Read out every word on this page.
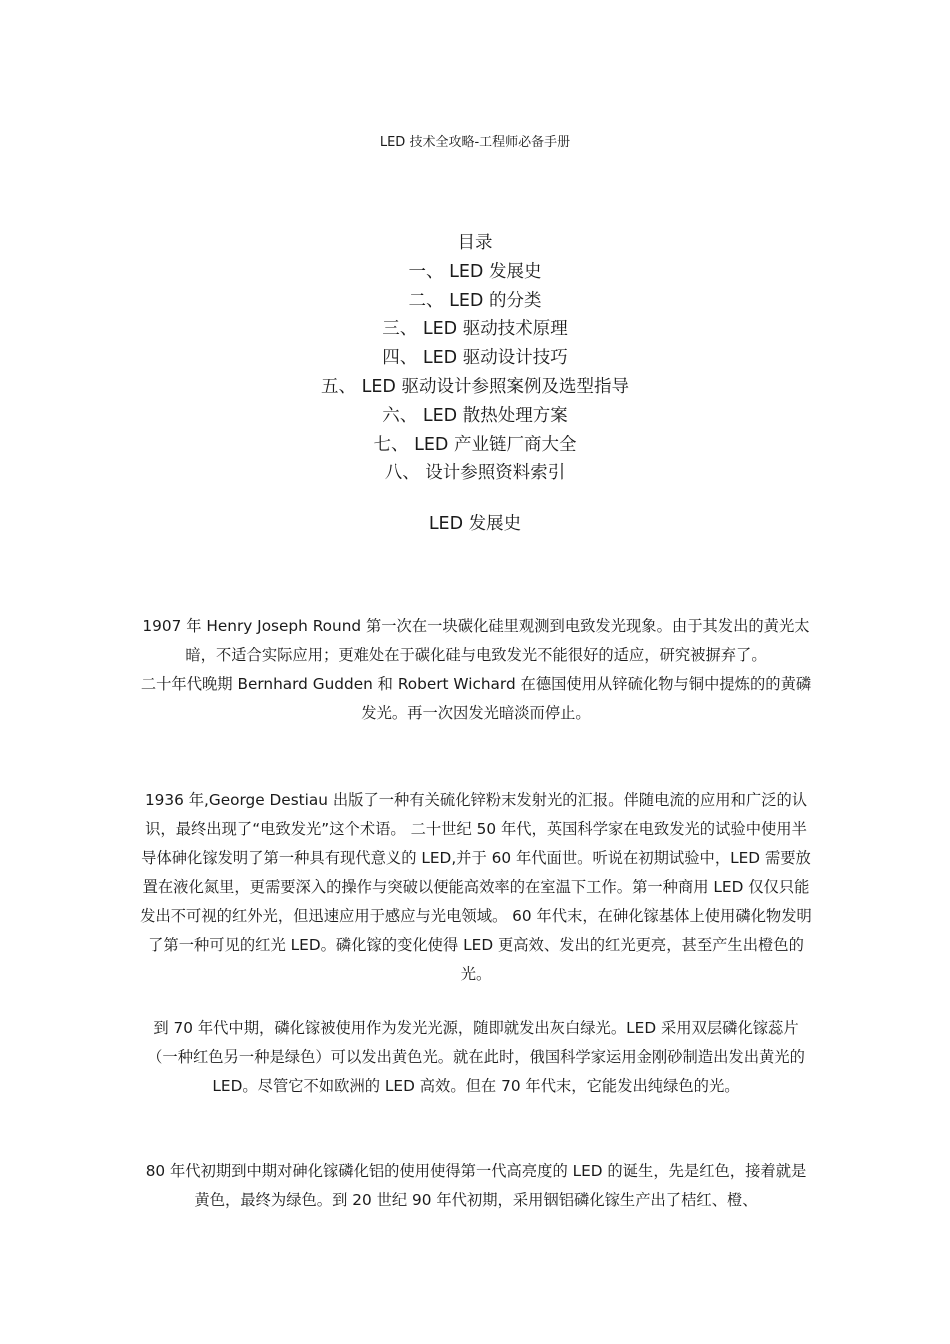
LED 技术全攻略-工程师必备手册
目录
一、 LED 发展史
二、 LED 的分类
三、 LED 驱动技术原理
四、 LED 驱动设计技巧
五、 LED 驱动设计参照案例及选型指导
六、 LED 散热处理方案
七、 LED 产业链厂商大全
八、 设计参照资料索引
LED 发展史

1907 年 Henry Joseph Round 第一次在一块碳化硅里观测到电致发光现象。由于其发出的黄光太暗，不适合实际应用；更难处在于碳化硅与电致发光不能很好的适应，研究被摒弃了。

二十年代晚期 Bernhard Gudden 和 Robert Wichard 在德国使用从锌硫化物与铜中提炼的的黄磷发光。再一次因发光暗淡而停止。

1936 年,George Destiau 出版了一种有关硫化锌粉末发射光的汇报。伴随电流的应用和广泛的认识，最终出现了“电致发光”这个术语。 二十世纪 50 年代，英国科学家在电致发光的试验中使用半导体砷化镓发明了第一种具有现代意义的 LED,并于 60 年代面世。听说在初期试验中，LED 需要放置在液化氮里，更需要深入的操作与突破以便能高效率的在室温下工作。第一种商用 LED 仅仅只能发出不可视的红外光，但迅速应用于感应与光电领域。 60 年代末，在砷化镓基体上使用磷化物发明了第一种可见的红光 LED。磷化镓的变化使得 LED 更高效、发出的红光更亮，甚至产生出橙色的光。

到 70 年代中期，磷化镓被使用作为发光光源，随即就发出灰白绿光。LED 采用双层磷化镓蕊片（一种红色另一种是绿色）可以发出黄色光。就在此时，俄国科学家运用金刚砂制造出发出黄光的 LED。尽管它不如欧洲的 LED 高效。但在 70 年代末，它能发出纯绿色的光。

80 年代初期到中期对砷化镓磷化铝的使用使得第一代高亮度的 LED 的诞生，先是红色，接着就是黄色，最终为绿色。到 20 世纪 90 年代初期，采用铟铝磷化镓生产出了桔红、橙、
